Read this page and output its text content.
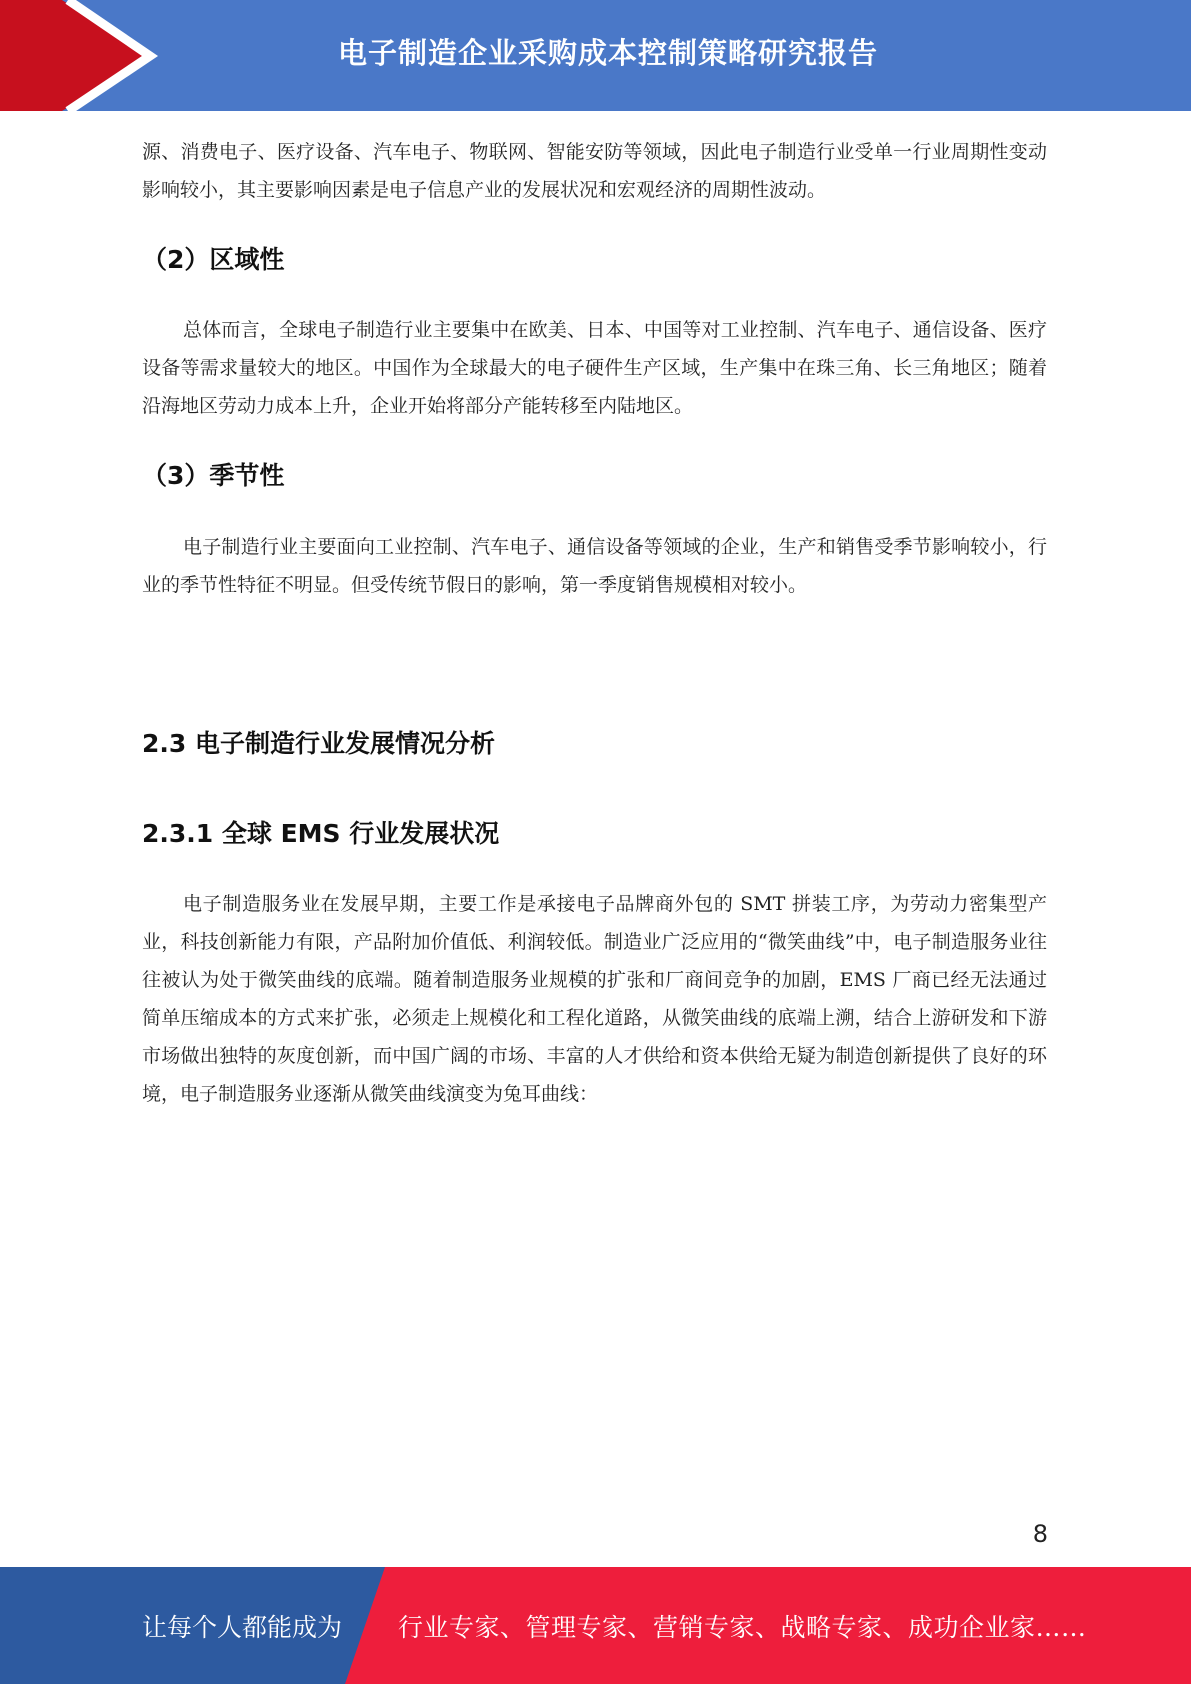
电子制造企业采购成本控制策略研究报告
源、消费电子、医疗设备、汽车电子、物联网、智能安防等领域，因此电子制造行业受单一行业周期性变动影响较小，其主要影响因素是电子信息产业的发展状况和宏观经济的周期性波动。
（2）区域性
总体而言，全球电子制造行业主要集中在欧美、日本、中国等对工业控制、汽车电子、通信设备、医疗设备等需求量较大的地区。中国作为全球最大的电子硬件生产区域，生产集中在珠三角、长三角地区；随着沿海地区劳动力成本上升，企业开始将部分产能转移至内陆地区。
（3）季节性
电子制造行业主要面向工业控制、汽车电子、通信设备等领域的企业，生产和销售受季节影响较小，行业的季节性特征不明显。但受传统节假日的影响，第一季度销售规模相对较小。
2.3 电子制造行业发展情况分析
2.3.1 全球 EMS 行业发展状况
电子制造服务业在发展早期，主要工作是承接电子品牌商外包的 SMT 拼装工序，为劳动力密集型产业，科技创新能力有限，产品附加价值低、利润较低。制造业广泛应用的“微笑曲线”中，电子制造服务业往往被认为处于微笑曲线的底端。随着制造服务业规模的扩张和厂商间竞争的加剧，EMS 厂商已经无法通过简单压缩成本的方式来扩张，必须走上规模化和工程化道路，从微笑曲线的底端上溯，结合上游研发和下游市场做出独特的灰度创新，而中国广阔的市场、丰富的人才供给和资本供给无疑为制造创新提供了良好的环境，电子制造服务业逐渐从微笑曲线演变为兔耳曲线：
8
让每个人都能成为 行业专家、管理专家、营销专家、战略专家、成功企业家……
